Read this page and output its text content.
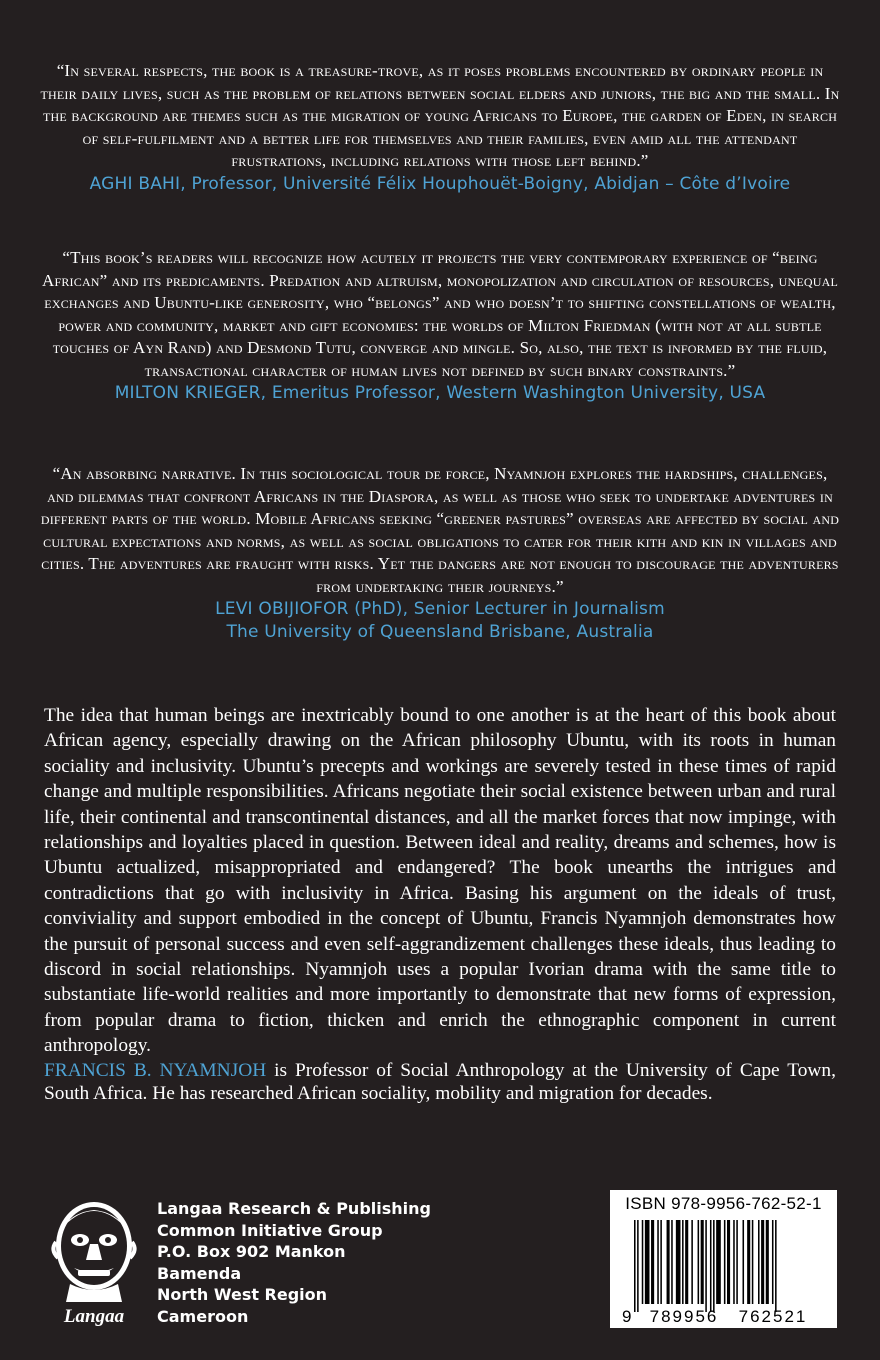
“In several respects, the book is a treasure-trove, as it poses problems encountered by ordinary people in their daily lives, such as the problem of relations between social elders and juniors, the big and the small. In the background are themes such as the migration of young Africans to Europe, the garden of Eden, in search of self-fulfilment and a better life for themselves and their families, even amid all the attendant frustrations, including relations with those left behind.”
AGHI BAHI, Professor, Université Félix Houphouët-Boigny, Abidjan – Côte d’Ivoire
“This book’s readers will recognize how acutely it projects the very contemporary experience of “being African” and its predicaments. Predation and altruism, monopolization and circulation of resources, unequal exchanges and Ubuntu-like generosity, who “belongs” and who doesn’t to shifting constellations of wealth, power and community, market and gift economies: the worlds of Milton Friedman (with not at all subtle touches of Ayn Rand) and Desmond Tutu, converge and mingle. So, also, the text is informed by the fluid, transactional character of human lives not defined by such binary constraints.”
MILTON KRIEGER, Emeritus Professor, Western Washington University, USA
“An absorbing narrative. In this sociological tour de force, Nyamnjoh explores the hardships, challenges, and dilemmas that confront Africans in the Diaspora, as well as those who seek to undertake adventures in different parts of the world. Mobile Africans seeking “greener pastures” overseas are affected by social and cultural expectations and norms, as well as social obligations to cater for their kith and kin in villages and cities. The adventures are fraught with risks. Yet the dangers are not enough to discourage the adventurers from undertaking their journeys.”
LEVI OBIJIOFOR (PhD), Senior Lecturer in Journalism
The University of Queensland Brisbane, Australia
The idea that human beings are inextricably bound to one another is at the heart of this book about African agency, especially drawing on the African philosophy Ubuntu, with its roots in human sociality and inclusivity. Ubuntu’s precepts and workings are severely tested in these times of rapid change and multiple responsibilities. Africans negotiate their social existence between urban and rural life, their continental and transcontinental distances, and all the market forces that now impinge, with relationships and loyalties placed in question. Between ideal and reality, dreams and schemes, how is Ubuntu actualized, misappropriated and endangered? The book unearths the intrigues and contradictions that go with inclusivity in Africa. Basing his argument on the ideals of trust, conviviality and support embodied in the concept of Ubuntu, Francis Nyamnjoh demonstrates how the pursuit of personal success and even self-aggrandizement challenges these ideals, thus leading to discord in social relationships. Nyamnjoh uses a popular Ivorian drama with the same title to substantiate life-world realities and more importantly to demonstrate that new forms of expression, from popular drama to fiction, thicken and enrich the ethnographic component in current anthropology.
FRANCIS B. NYAMNJOH is Professor of Social Anthropology at the University of Cape Town, South Africa. He has researched African sociality, mobility and migration for decades.
Langaa
Langaa Research & Publishing
Common Initiative Group
P.O. Box 902 Mankon
Bamenda
North West Region
Cameroon
ISBN 978-9956-762-52-1
9 789956 762521
